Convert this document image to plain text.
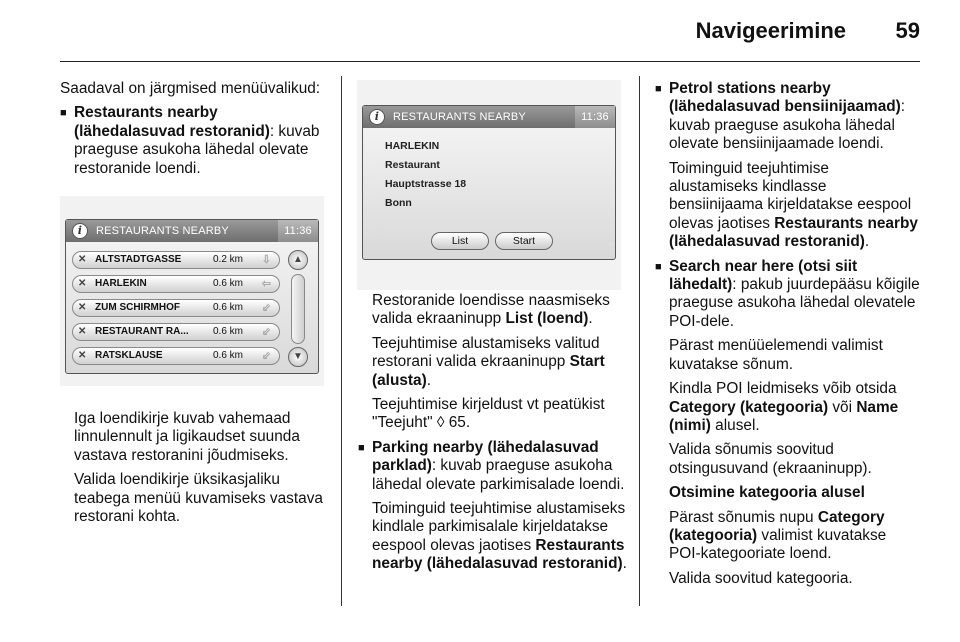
Navigeerimine 59

Saadaval on järgmised menüüvalikud:

■ Restaurants nearby (lähedalasuvad restoranid): kuvab praeguse asukoha lähedal olevate restoranide loendi.
i	RESTAURANTS NEARBY	11:36
✕ ALTSTADTGASSE	0.2 km ⇩
✕ HARLEKIN	0.6 km ⇦
✕ ZUM SCHIRMHOF	0.6 km ⇙
✕ RESTAURANT RA... 0.6 km ⇙
✕ RATSKLAUSE	0.6 km ⇙
▲
▼

Iga loendikirje kuvab vahemaad linnulennult ja ligikaudset suunda vastava restoranini jõudmiseks.

Valida loendikirje üksikasjaliku teabega menüü kuvamiseks vastava restorani kohta.

i	RESTAURANTS NEARBY	11:36
HARLEKIN
Restaurant
Hauptstrasse 18
Bonn
List	Start

Restoranide loendisse naasmiseks valida ekraaninupp List (loend).

Teejuhtimise alustamiseks valitud restorani valida ekraaninupp Start (alusta).

Teejuhtimise kirjeldust vt peatükist "Teejuht" ◊ 65.

■ Parking nearby (lähedalasuvad parklad): kuvab praeguse asukoha lähedal olevate parkimisalade loendi.

Toiminguid teejuhtimise alustamiseks kindlale parkimisalale kirjeldatakse eespool olevas jaotises Restaurants nearby (lähedalasuvad restoranid).

■ Petrol stations nearby (lähedalasuvad bensiinijaamad): kuvab praeguse asukoha lähedal olevate bensiinijaamade loendi.

Toiminguid teejuhtimise alustamiseks kindlasse bensiinijaama kirjeldatakse eespool olevas jaotises Restaurants nearby (lähedalasuvad restoranid).

■ Search near here (otsi siit lähedalt): pakub juurdepääsu kõigile praeguse asukoha lähedal olevatele POI-dele.

Pärast menüüelemendi valimist kuvatakse sõnum.

Kindla POI leidmiseks võib otsida Category (kategooria) või Name (nimi) alusel.

Valida sõnumis soovitud otsingusuvand (ekraaninupp).

Otsimine kategooria alusel

Pärast sõnumis nupu Category (kategooria) valimist kuvatakse POI-kategooriate loend.

Valida soovitud kategooria.
